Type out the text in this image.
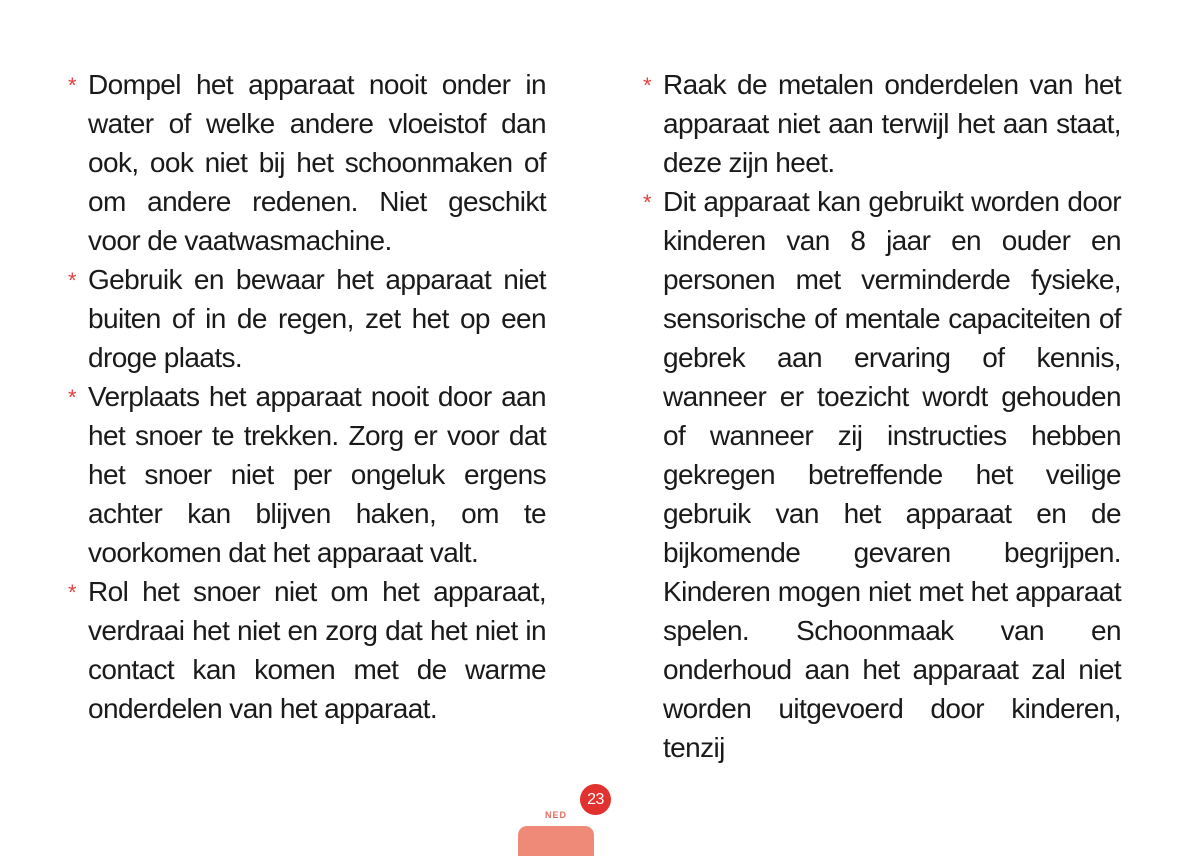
* Dompel het apparaat nooit onder in water of welke andere vloeistof dan ook, ook niet bij het schoonmaken of om andere redenen. Niet geschikt voor de vaatwasmachine.
* Gebruik en bewaar het apparaat niet buiten of in de regen, zet het op een droge plaats.
* Verplaats het apparaat nooit door aan het snoer te trekken. Zorg er voor dat het snoer niet per ongeluk ergens achter kan blijven haken, om te voorkomen dat het apparaat valt.
* Rol het snoer niet om het apparaat, verdraai het niet en zorg dat het niet in contact kan komen met de warme onderdelen van het apparaat.
* Raak de metalen onderdelen van het apparaat niet aan terwijl het aan staat, deze zijn heet.
* Dit apparaat kan gebruikt worden door kinderen van 8 jaar en ouder en personen met verminderde fysieke, sensorische of mentale capaciteiten of gebrek aan ervaring of kennis, wanneer er toezicht wordt gehouden of wanneer zij instructies hebben gekregen betreffende het veilige gebruik van het apparaat en de bijkomende gevaren begrijpen. Kinderen mogen niet met het apparaat spelen. Schoonmaak van en onderhoud aan het apparaat zal niet worden uitgevoerd door kinderen, tenzij
NED
23
